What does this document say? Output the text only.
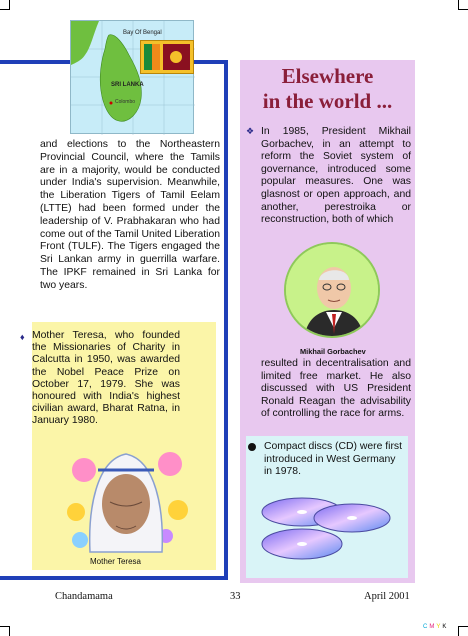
Bay Of Bengal
SRI LANKA
Colombo

and elections to the Northeastern Provincial Council, where the Tamils are in a majority, would be conducted under India's supervision. Meanwhile, the Liberation Tigers of Tamil Eelam (LTTE) had been formed under the leadership of V. Prabhakaran who had come out of the Tamil United Liberation Front (TULF). The Tigers engaged the Sri Lankan army in guerrilla warfare. The IPKF remained in Sri Lanka for two years.

♦ Mother Teresa, who founded the Missionaries of Charity in Calcutta in 1950, was awarded the Nobel Peace Prize on October 17, 1979. She was honoured with India's highest civilian award, Bharat Ratna, in January 1980.

Mother Teresa
Elsewhere
in the world ...
❖ In 1985, President Mikhail Gorbachev, in an attempt to reform the Soviet system of governance, introduced some popular measures. One was glasnost or open approach, and another, perestroika or reconstruction, both of which

Mikhail Gorbachev

resulted in decentralisation and limited free market. He also discussed with US President Ronald Reagan the advisability of controlling the race for arms.

Compact discs (CD) were first introduced in West Germany in 1978.

Chandamama	33	April 2001
CMYK
